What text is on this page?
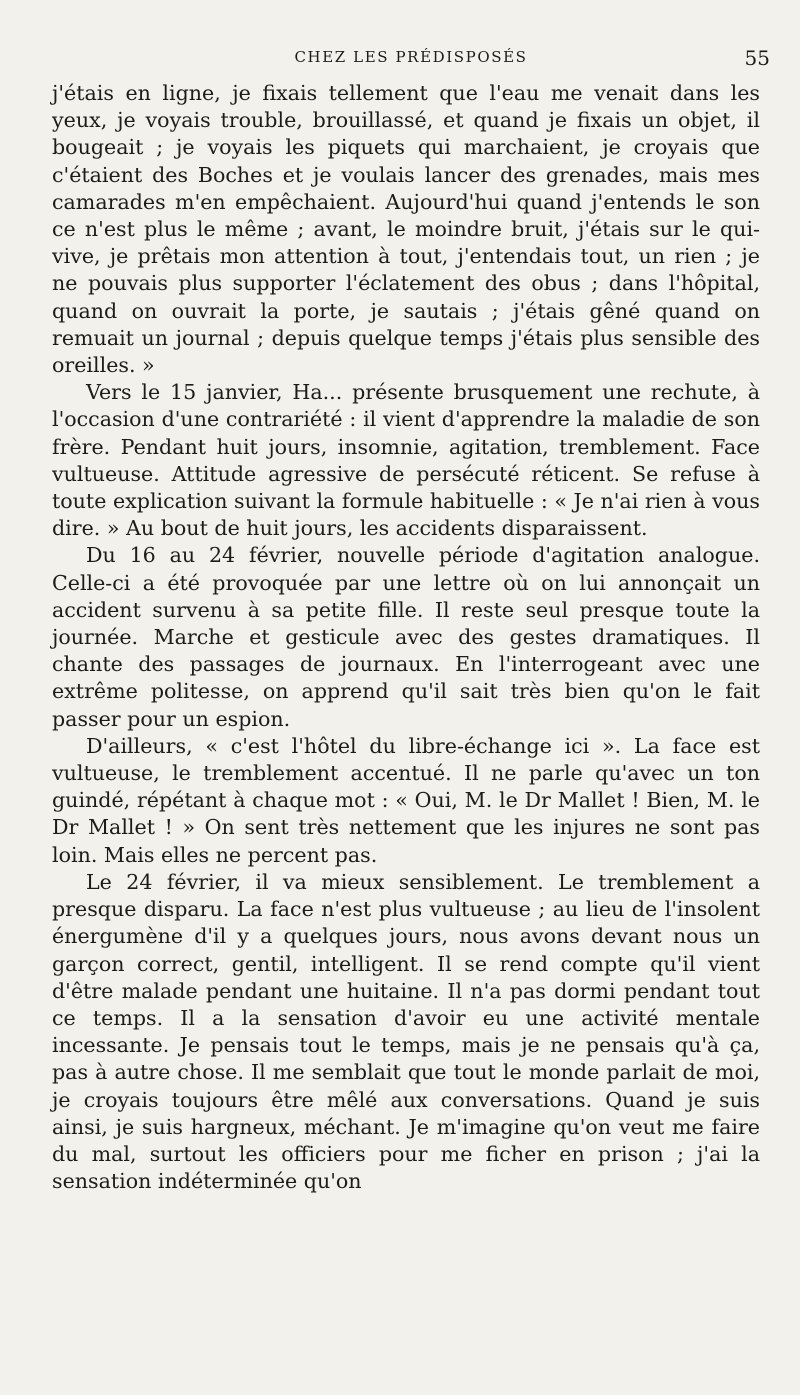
CHEZ LES PRÉDISPOSÉS	55

j'étais en ligne, je fixais tellement que l'eau me venait dans les yeux, je voyais trouble, brouillassé, et quand je fixais un objet, il bougeait ; je voyais les piquets qui marchaient, je croyais que c'étaient des Boches et je voulais lancer des grenades, mais mes camarades m'en empêchaient. Aujourd'hui quand j'entends le son ce n'est plus le même ; avant, le moindre bruit, j'étais sur le qui-vive, je prêtais mon attention à tout, j'entendais tout, un rien ; je ne pouvais plus supporter l'éclatement des obus ; dans l'hôpital, quand on ouvrait la porte, je sautais ; j'étais gêné quand on remuait un journal ; depuis quelque temps j'étais plus sensible des oreilles. »

Vers le 15 janvier, Ha... présente brusquement une rechute, à l'occasion d'une contrariété : il vient d'apprendre la maladie de son frère. Pendant huit jours, insomnie, agitation, tremblement. Face vultueuse. Attitude agressive de persécuté réticent. Se refuse à toute explication suivant la formule habituelle : « Je n'ai rien à vous dire. » Au bout de huit jours, les accidents disparaissent.

Du 16 au 24 février, nouvelle période d'agitation analogue. Celle-ci a été provoquée par une lettre où on lui annonçait un accident survenu à sa petite fille. Il reste seul presque toute la journée. Marche et gesticule avec des gestes dramatiques. Il chante des passages de journaux. En l'interrogeant avec une extrême politesse, on apprend qu'il sait très bien qu'on le fait passer pour un espion.

D'ailleurs, « c'est l'hôtel du libre-échange ici ». La face est vultueuse, le tremblement accentué. Il ne parle qu'avec un ton guindé, répétant à chaque mot : « Oui, M. le Dr Mallet ! Bien, M. le Dr Mallet ! » On sent très nettement que les injures ne sont pas loin. Mais elles ne percent pas.

Le 24 février, il va mieux sensiblement. Le tremblement a presque disparu. La face n'est plus vultueuse ; au lieu de l'insolent énergumène d'il y a quelques jours, nous avons devant nous un garçon correct, gentil, intelligent. Il se rend compte qu'il vient d'être malade pendant une huitaine. Il n'a pas dormi pendant tout ce temps. Il a la sensation d'avoir eu une activité mentale incessante. Je pensais tout le temps, mais je ne pensais qu'à ça, pas à autre chose. Il me semblait que tout le monde parlait de moi, je croyais toujours être mêlé aux conversations. Quand je suis ainsi, je suis hargneux, méchant. Je m'imagine qu'on veut me faire du mal, surtout les officiers pour me ficher en prison ; j'ai la sensation indéterminée qu'on
